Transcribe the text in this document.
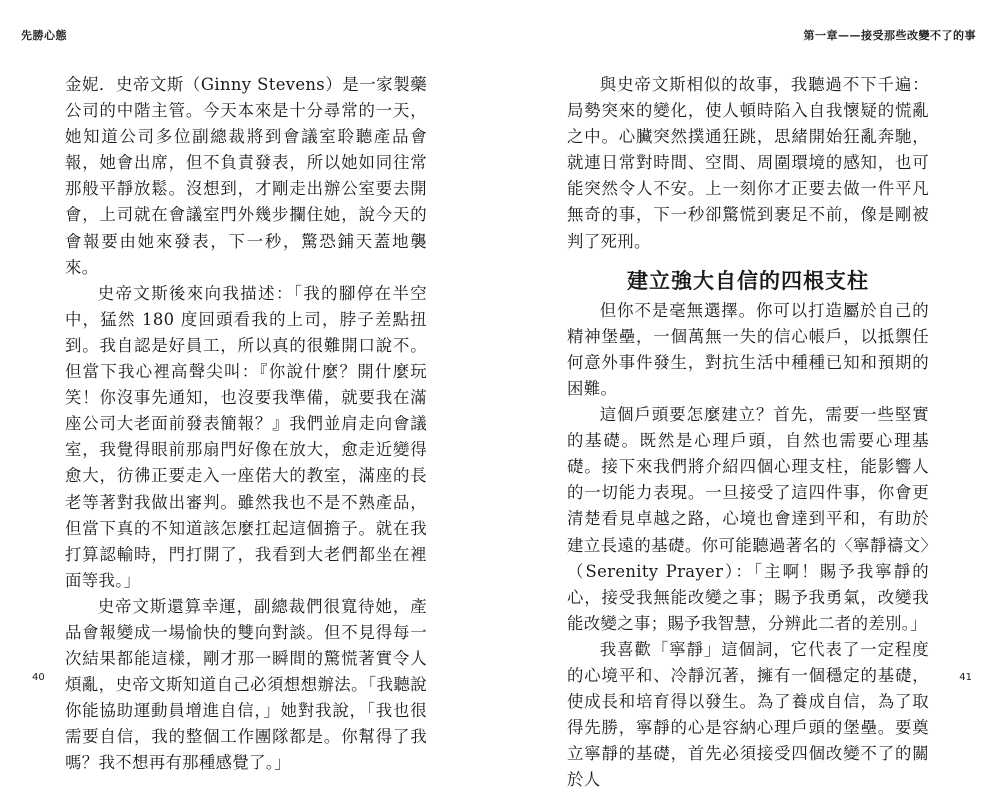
先勝心態

金妮．史帝文斯（Ginny Stevens）是一家製藥公司的中階主管。今天本來是十分尋常的一天，她知道公司多位副總裁將到會議室聆聽產品會報，她會出席，但不負責發表，所以她如同往常那般平靜放鬆。沒想到，才剛走出辦公室要去開會，上司就在會議室門外幾步攔住她，說今天的會報要由她來發表，下一秒，驚恐鋪天蓋地襲來。

史帝文斯後來向我描述：「我的腳停在半空中，猛然 180 度回頭看我的上司，脖子差點扭到。我自認是好員工，所以真的很難開口說不。但當下我心裡高聲尖叫：『你說什麼？開什麼玩笑！你沒事先通知，也沒要我準備，就要我在滿座公司大老面前發表簡報？』我們並肩走向會議室，我覺得眼前那扇門好像在放大，愈走近變得愈大，彷彿正要走入一座偌大的教室，滿座的長老等著對我做出審判。雖然我也不是不熟產品，但當下真的不知道該怎麼扛起這個擔子。就在我打算認輸時，門打開了，我看到大老們都坐在裡面等我。」

史帝文斯還算幸運，副總裁們很寬待她，產品會報變成一場愉快的雙向對談。但不見得每一次結果都能這樣，剛才那一瞬間的驚慌著實令人煩亂，史帝文斯知道自己必須想想辦法。「我聽說你能協助運動員增進自信，」她對我說，「我也很需要自信，我的整個工作團隊都是。你幫得了我嗎？我不想再有那種感覺了。」

40
第一章——接受那些改變不了的事

與史帝文斯相似的故事，我聽過不下千遍：局勢突來的變化，使人頓時陷入自我懷疑的慌亂之中。心臟突然撲通狂跳，思緒開始狂亂奔馳，就連日常對時間、空間、周圍環境的感知，也可能突然令人不安。上一刻你才正要去做一件平凡無奇的事，下一秒卻驚慌到裹足不前，像是剛被判了死刑。

建立強大自信的四根支柱

但你不是毫無選擇。你可以打造屬於自己的精神堡壘，一個萬無一失的信心帳戶，以抵禦任何意外事件發生，對抗生活中種種已知和預期的困難。

這個戶頭要怎麼建立？首先，需要一些堅實的基礎。既然是心理戶頭，自然也需要心理基礎。接下來我們將介紹四個心理支柱，能影響人的一切能力表現。一旦接受了這四件事，你會更清楚看見卓越之路，心境也會達到平和，有助於建立長遠的基礎。你可能聽過著名的〈寧靜禱文〉（Serenity Prayer）：「主啊！賜予我寧靜的心，接受我無能改變之事；賜予我勇氣，改變我能改變之事；賜予我智慧，分辨此二者的差別。」

我喜歡「寧靜」這個詞，它代表了一定程度的心境平和、冷靜沉著，擁有一個穩定的基礎，使成長和培育得以發生。為了養成自信，為了取得先勝，寧靜的心是容納心理戶頭的堡壘。要奠立寧靜的基礎，首先必須接受四個改變不了的關於人

41
